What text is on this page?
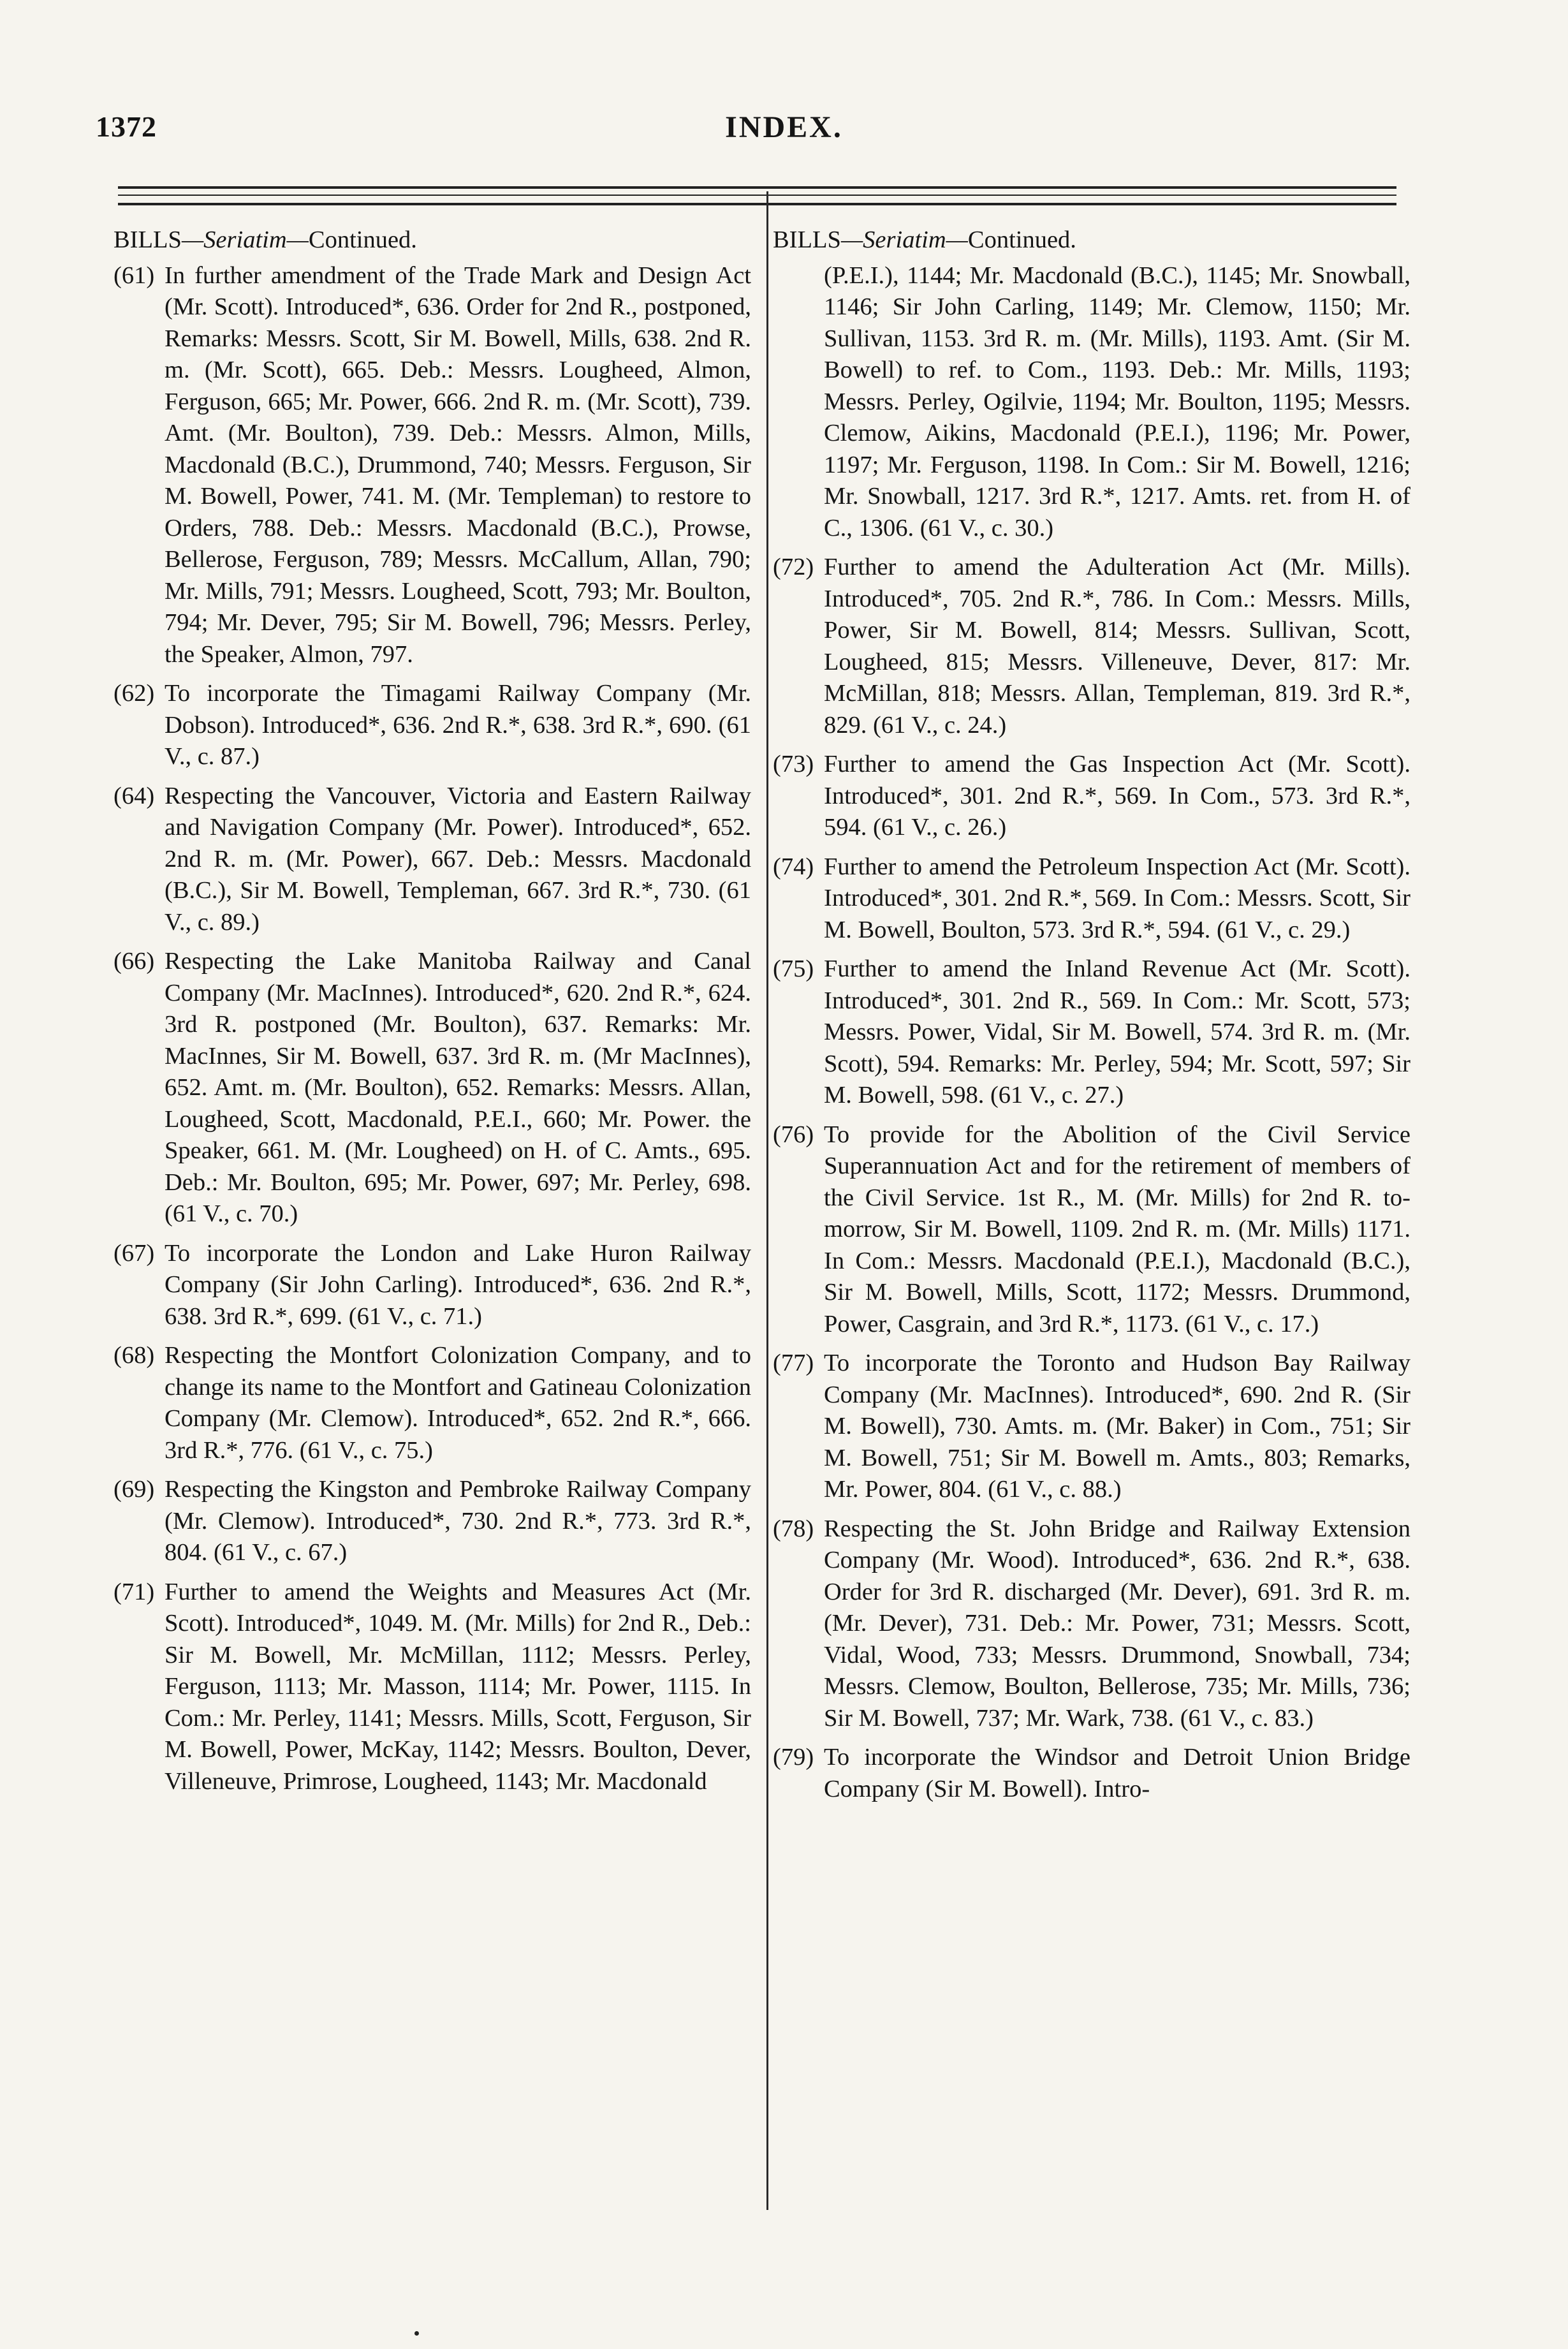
1372	INDEX.
BILLS—Seriatim—Continued.
(61) In further amendment of the Trade Mark and Design Act (Mr. Scott). Introduced*, 636. Order for 2nd R., postponed, Remarks: Messrs. Scott, Sir M. Bowell, Mills, 638. 2nd R. m. (Mr. Scott), 665. Deb.: Messrs. Lougheed, Almon, Ferguson, 665; Mr. Power, 666. 2nd R. m. (Mr. Scott), 739. Amt. (Mr. Boulton), 739. Deb.: Messrs. Almon, Mills, Macdonald (B.C.), Drummond, 740; Messrs. Ferguson, Sir M. Bowell, Power, 741. M. (Mr. Templeman) to restore to Orders, 788. Deb.: Messrs. Macdonald (B.C.), Prowse, Bellerose, Ferguson, 789; Messrs. McCallum, Allan, 790; Mr. Mills, 791; Messrs. Lougheed, Scott, 793; Mr. Boulton, 794; Mr. Dever, 795; Sir M. Bowell, 796; Messrs. Perley, the Speaker, Almon, 797.
(62) To incorporate the Timagami Railway Company (Mr. Dobson). Introduced*, 636. 2nd R.*, 638. 3rd R.*, 690. (61 V., c. 87.)
(64) Respecting the Vancouver, Victoria and Eastern Railway and Navigation Company (Mr. Power). Introduced*, 652. 2nd R. m. (Mr. Power), 667. Deb.: Messrs. Macdonald (B.C.), Sir M. Bowell, Templeman, 667. 3rd R.*, 730. (61 V., c. 89.)
(66) Respecting the Lake Manitoba Railway and Canal Company (Mr. MacInnes). Introduced*, 620. 2nd R.*, 624. 3rd R. postponed (Mr. Boulton), 637. Remarks: Mr. MacInnes, Sir M. Bowell, 637. 3rd R. m. (Mr MacInnes), 652. Amt. m. (Mr. Boulton), 652. Remarks: Messrs. Allan, Lougheed, Scott, Macdonald, P.E.I., 660; Mr. Power. the Speaker, 661. M. (Mr. Lougheed) on H. of C. Amts., 695. Deb.: Mr. Boulton, 695; Mr. Power, 697; Mr. Perley, 698. (61 V., c. 70.)
(67) To incorporate the London and Lake Huron Railway Company (Sir John Carling). Introduced*, 636. 2nd R.*, 638. 3rd R.*, 699. (61 V., c. 71.)
(68) Respecting the Montfort Colonization Company, and to change its name to the Montfort and Gatineau Colonization Company (Mr. Clemow). Introduced*, 652. 2nd R.*, 666. 3rd R.*, 776. (61 V., c. 75.)
(69) Respecting the Kingston and Pembroke Railway Company (Mr. Clemow). Introduced*, 730. 2nd R.*, 773. 3rd R.*, 804. (61 V., c. 67.)
(71) Further to amend the Weights and Measures Act (Mr. Scott). Introduced*, 1049. M. (Mr. Mills) for 2nd R., Deb.: Sir M. Bowell, Mr. McMillan, 1112; Messrs. Perley, Ferguson, 1113; Mr. Masson, 1114; Mr. Power, 1115. In Com.: Mr. Perley, 1141; Messrs. Mills, Scott, Ferguson, Sir M. Bowell, Power, McKay, 1142; Messrs. Boulton, Dever, Villeneuve, Primrose, Lougheed, 1143; Mr. Macdonald
BILLS—Seriatim—Continued.
(P.E.I.), 1144; Mr. Macdonald (B.C.), 1145; Mr. Snowball, 1146; Sir John Carling, 1149; Mr. Clemow, 1150; Mr. Sullivan, 1153. 3rd R. m. (Mr. Mills), 1193. Amt. (Sir M. Bowell) to ref. to Com., 1193. Deb.: Mr. Mills, 1193; Messrs. Perley, Ogilvie, 1194; Mr. Boulton, 1195; Messrs. Clemow, Aikins, Macdonald (P.E.I.), 1196; Mr. Power, 1197; Mr. Ferguson, 1198. In Com.: Sir M. Bowell, 1216; Mr. Snowball, 1217. 3rd R.*, 1217. Amts. ret. from H. of C., 1306. (61 V., c. 30.)
(72) Further to amend the Adulteration Act (Mr. Mills). Introduced*, 705. 2nd R.*, 786. In Com.: Messrs. Mills, Power, Sir M. Bowell, 814; Messrs. Sullivan, Scott, Lougheed, 815; Messrs. Villeneuve, Dever, 817: Mr. McMillan, 818; Messrs. Allan, Templeman, 819. 3rd R.*, 829. (61 V., c. 24.)
(73) Further to amend the Gas Inspection Act (Mr. Scott). Introduced*, 301. 2nd R.*, 569. In Com., 573. 3rd R.*, 594. (61 V., c. 26.)
(74) Further to amend the Petroleum Inspection Act (Mr. Scott). Introduced*, 301. 2nd R.*, 569. In Com.: Messrs. Scott, Sir M. Bowell, Boulton, 573. 3rd R.*, 594. (61 V., c. 29.)
(75) Further to amend the Inland Revenue Act (Mr. Scott). Introduced*, 301. 2nd R., 569. In Com.: Mr. Scott, 573; Messrs. Power, Vidal, Sir M. Bowell, 574. 3rd R. m. (Mr. Scott), 594. Remarks: Mr. Perley, 594; Mr. Scott, 597; Sir M. Bowell, 598. (61 V., c. 27.)
(76) To provide for the Abolition of the Civil Service Superannuation Act and for the retirement of members of the Civil Service. 1st R., M. (Mr. Mills) for 2nd R. to-morrow, Sir M. Bowell, 1109. 2nd R. m. (Mr. Mills) 1171. In Com.: Messrs. Macdonald (P.E.I.), Macdonald (B.C.), Sir M. Bowell, Mills, Scott, 1172; Messrs. Drummond, Power, Casgrain, and 3rd R.*, 1173. (61 V., c. 17.)
(77) To incorporate the Toronto and Hudson Bay Railway Company (Mr. MacInnes). Introduced*, 690. 2nd R. (Sir M. Bowell), 730. Amts. m. (Mr. Baker) in Com., 751; Sir M. Bowell, 751; Sir M. Bowell m. Amts., 803; Remarks, Mr. Power, 804. (61 V., c. 88.)
(78) Respecting the St. John Bridge and Railway Extension Company (Mr. Wood). Introduced*, 636. 2nd R.*, 638. Order for 3rd R. discharged (Mr. Dever), 691. 3rd R. m. (Mr. Dever), 731. Deb.: Mr. Power, 731; Messrs. Scott, Vidal, Wood, 733; Messrs. Drummond, Snowball, 734; Messrs. Clemow, Boulton, Bellerose, 735; Mr. Mills, 736; Sir M. Bowell, 737; Mr. Wark, 738. (61 V., c. 83.)
(79) To incorporate the Windsor and Detroit Union Bridge Company (Sir M. Bowell). Intro-
